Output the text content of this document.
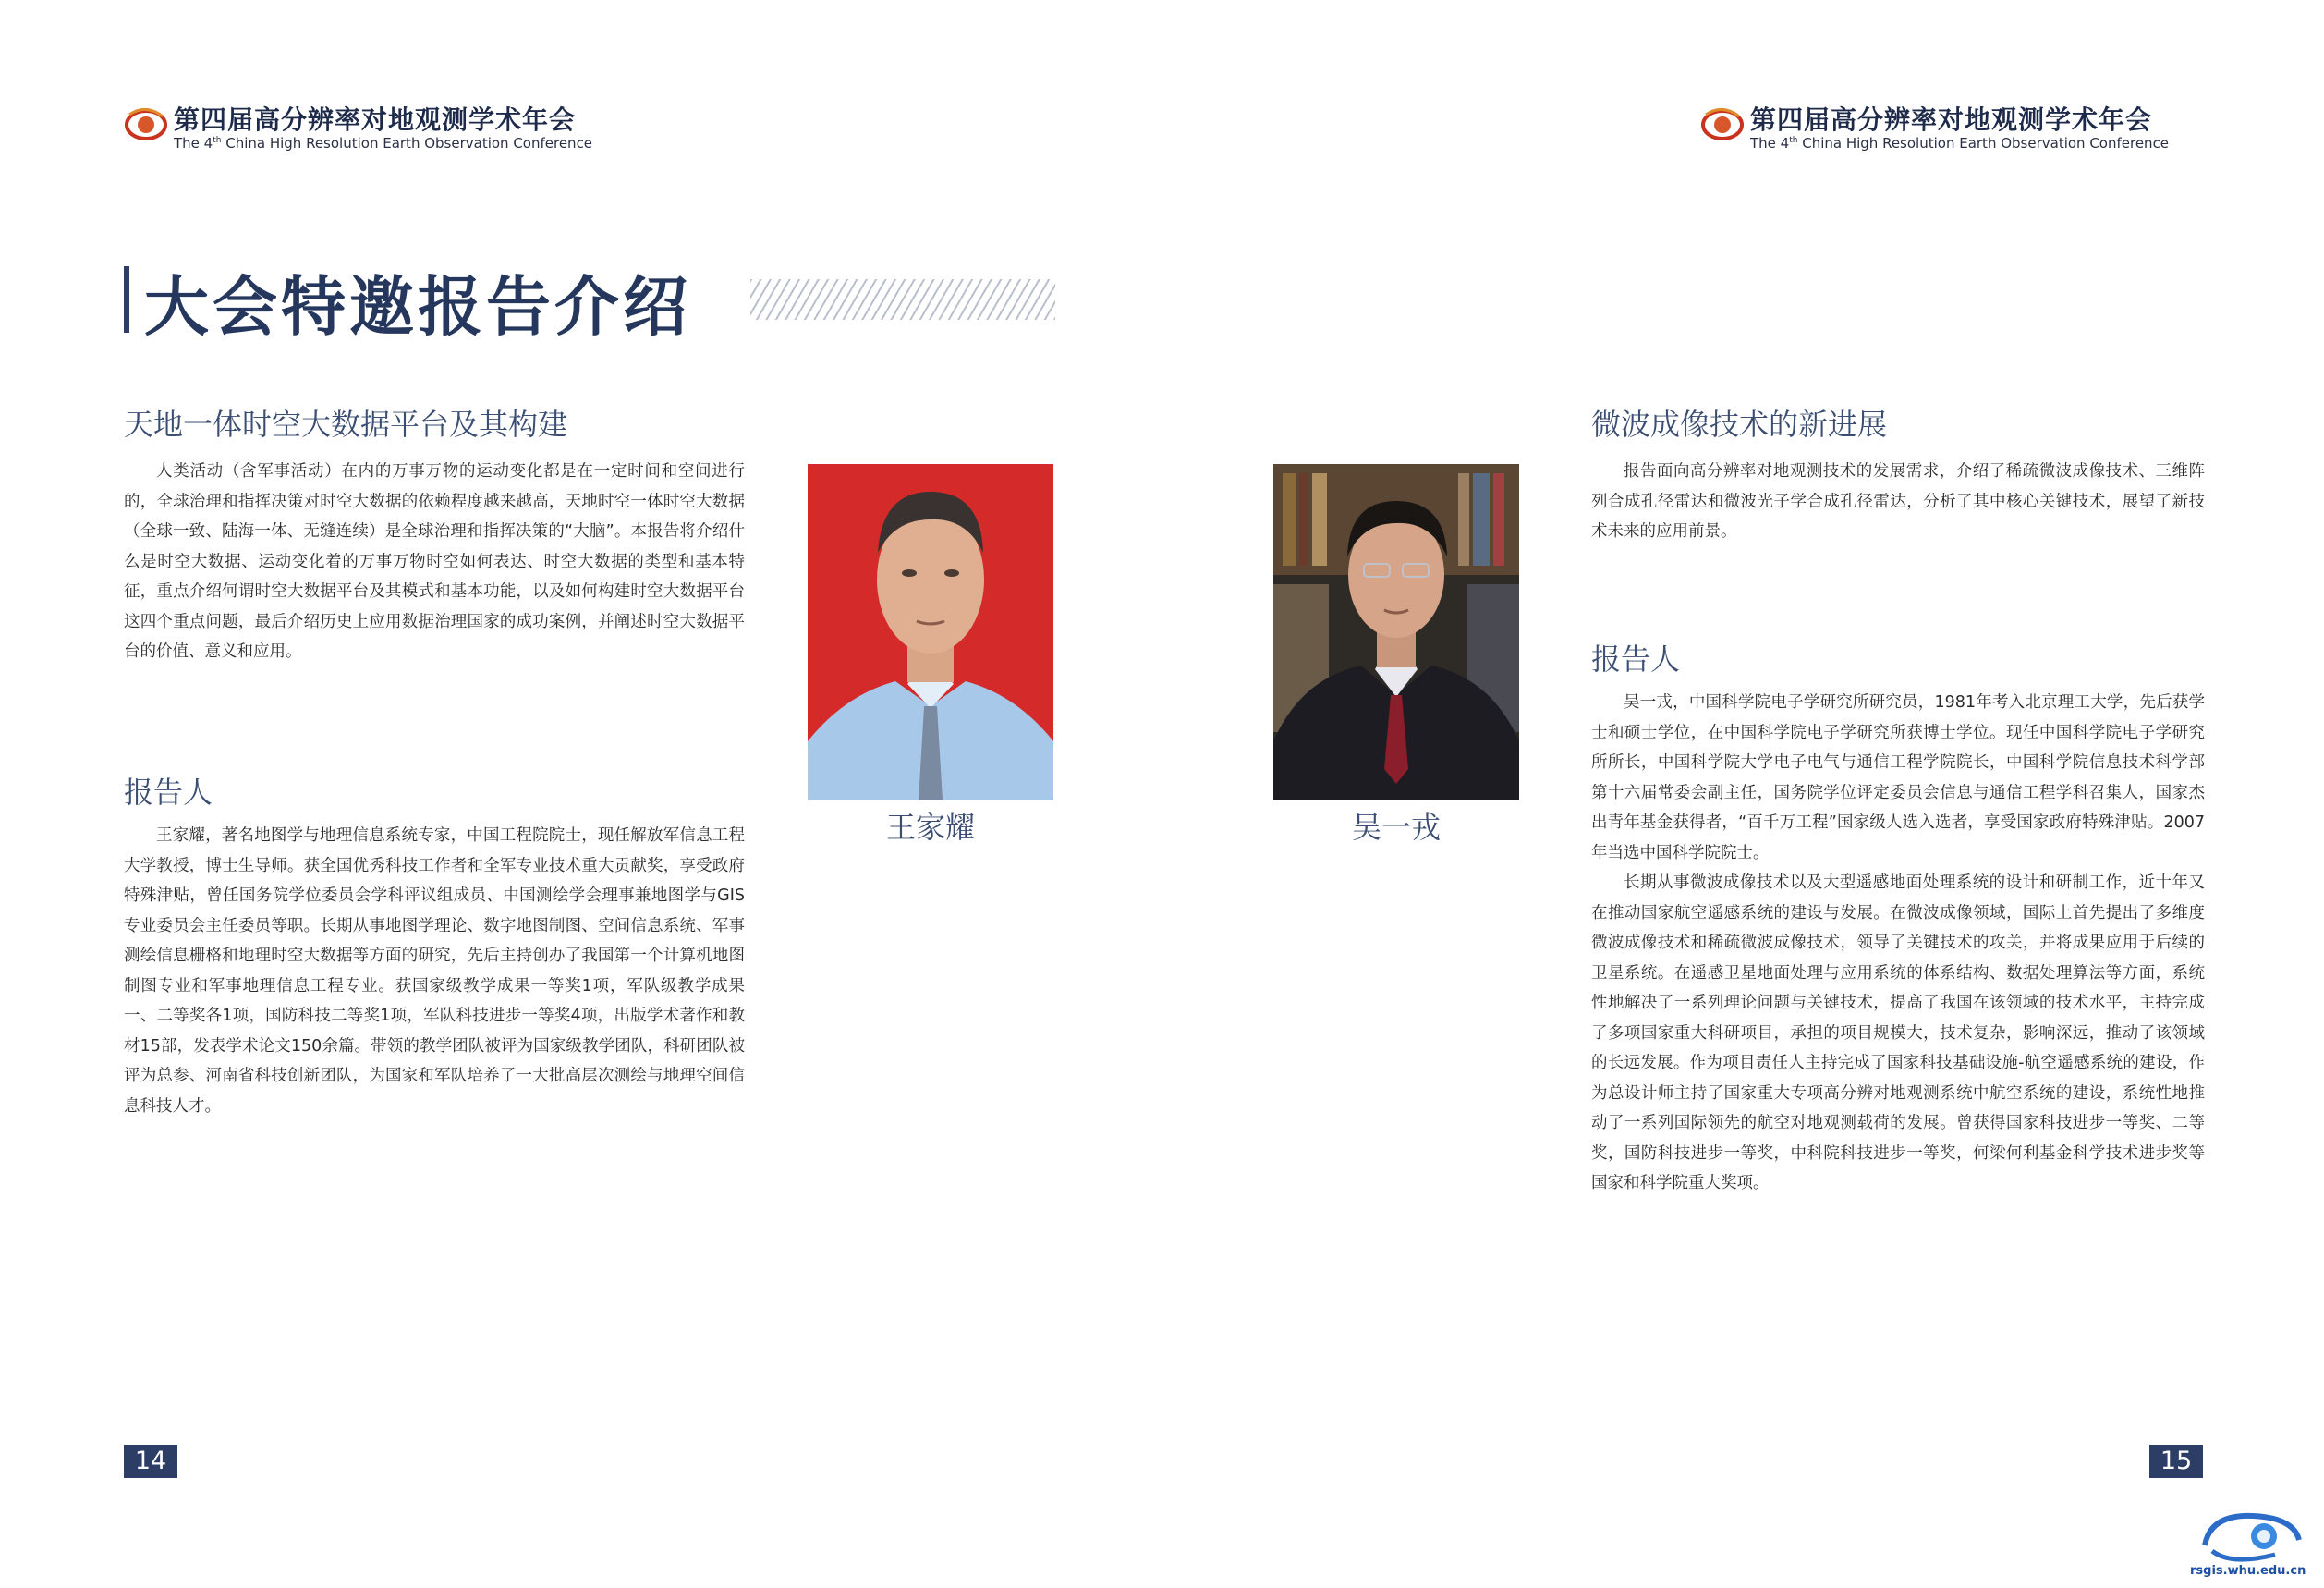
第四届高分辨率对地观测学术年会
The 4th China High Resolution Earth Observation Conference
第四届高分辨率对地观测学术年会
The 4th China High Resolution Earth Observation Conference
大会特邀报告介绍
天地一体时空大数据平台及其构建

人类活动（含军事活动）在内的万事万物的运动变化都是在一定时间和空间进行的，全球治理和指挥决策对时空大数据的依赖程度越来越高，天地时空一体时空大数据（全球一致、陆海一体、无缝连续）是全球治理和指挥决策的“大脑”。本报告将介绍什么是时空大数据、运动变化着的万事万物时空如何表达、时空大数据的类型和基本特征，重点介绍何谓时空大数据平台及其模式和基本功能，以及如何构建时空大数据平台这四个重点问题，最后介绍历史上应用数据治理国家的成功案例，并阐述时空大数据平台的价值、意义和应用。

报告人

王家耀，著名地图学与地理信息系统专家，中国工程院院士，现任解放军信息工程大学教授，博士生导师。获全国优秀科技工作者和全军专业技术重大贡献奖，享受政府特殊津贴，曾任国务院学位委员会学科评议组成员、中国测绘学会理事兼地图学与GIS专业委员会主任委员等职。长期从事地图学理论、数字地图制图、空间信息系统、军事测绘信息栅格和地理时空大数据等方面的研究，先后主持创办了我国第一个计算机地图制图专业和军事地理信息工程专业。获国家级教学成果一等奖1项，军队级教学成果一、二等奖各1项，国防科技二等奖1项，军队科技进步一等奖4项，出版学术著作和教材15部，发表学术论文150余篇。带领的教学团队被评为国家级教学团队，科研团队被评为总参、河南省科技创新团队，为国家和军队培养了一大批高层次测绘与地理空间信息科技人才。

王家耀	吴一戎
微波成像技术的新进展

报告面向高分辨率对地观测技术的发展需求，介绍了稀疏微波成像技术、三维阵列合成孔径雷达和微波光子学合成孔径雷达，分析了其中核心关键技术，展望了新技术未来的应用前景。

报告人

吴一戎，中国科学院电子学研究所研究员，1981年考入北京理工大学，先后获学士和硕士学位，在中国科学院电子学研究所获博士学位。现任中国科学院电子学研究所所长，中国科学院大学电子电气与通信工程学院院长，中国科学院信息技术科学部第十六届常委会副主任，国务院学位评定委员会信息与通信工程学科召集人，国家杰出青年基金获得者，“百千万工程”国家级人选入选者，享受国家政府特殊津贴。2007年当选中国科学院院士。

长期从事微波成像技术以及大型遥感地面处理系统的设计和研制工作，近十年又在推动国家航空遥感系统的建设与发展。在微波成像领域，国际上首先提出了多维度微波成像技术和稀疏微波成像技术，领导了关键技术的攻关，并将成果应用于后续的卫星系统。在遥感卫星地面处理与应用系统的体系结构、数据处理算法等方面，系统性地解决了一系列理论问题与关键技术，提高了我国在该领域的技术水平，主持完成了多项国家重大科研项目，承担的项目规模大，技术复杂，影响深远，推动了该领域的长远发展。作为项目责任人主持完成了国家科技基础设施-航空遥感系统的建设，作为总设计师主持了国家重大专项高分辨对地观测系统中航空系统的建设，系统性地推动了一系列国际领先的航空对地观测载荷的发展。曾获得国家科技进步一等奖、二等奖，国防科技进步一等奖，中科院科技进步一等奖，何梁何利基金科学技术进步奖等国家和科学院重大奖项。

14	15
rsgis.whu.edu.cn
